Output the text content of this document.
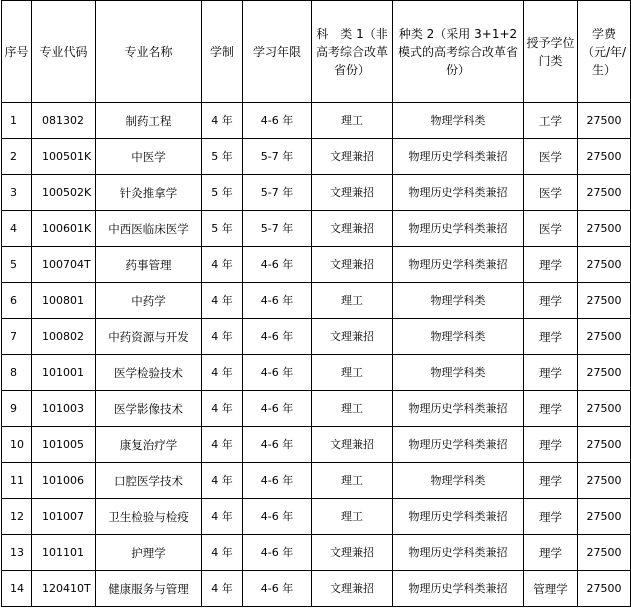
序号	专业代码	专业名称	学制	学习年限	科　类 1（非高考综合改革省份）	种类 2（采用 3+1+2 模式的高考综合改革省份）	授予学位门类	学费（元/年/生）

1	081302	制药工程	4 年	4-6 年	理工	物理学科类	工学	27500
2	100501K	中医学	5 年	5-7 年	文理兼招	物理历史学科类兼招	医学	27500
3	100502K	针灸推拿学	5 年	5-7 年	文理兼招	物理历史学科类兼招	医学	27500
4	100601K	中西医临床医学	5 年	5-7 年	文理兼招	物理历史学科类兼招	医学	27500
5	100704T	药事管理	4 年	4-6 年	文理兼招	物理历史学科类兼招	理学	27500
6	100801	中药学	4 年	4-6 年	理工	物理学科类	理学	27500
7	100802	中药资源与开发	4 年	4-6 年	文理兼招	物理学科类	理学	27500
8	101001	医学检验技术	4 年	4-6 年	理工	物理学科类	理学	27500
9	101003	医学影像技术	4 年	4-6 年	理工	物理历史学科类兼招	理学	27500
10	101005	康复治疗学	4 年	4-6 年	文理兼招	物理历史学科类兼招	理学	27500
11	101006	口腔医学技术	4 年	4-6 年	理工	物理学科类	理学	27500
12	101007	卫生检验与检疫	4 年	4-6 年	理工	物理历史学科类兼招	理学	27500
13	101101	护理学	4 年	4-6 年	文理兼招	物理历史学科类兼招	理学	27500
14	120410T	健康服务与管理	4 年	4-6 年	文理兼招	物理历史学科类兼招	管理学	27500
